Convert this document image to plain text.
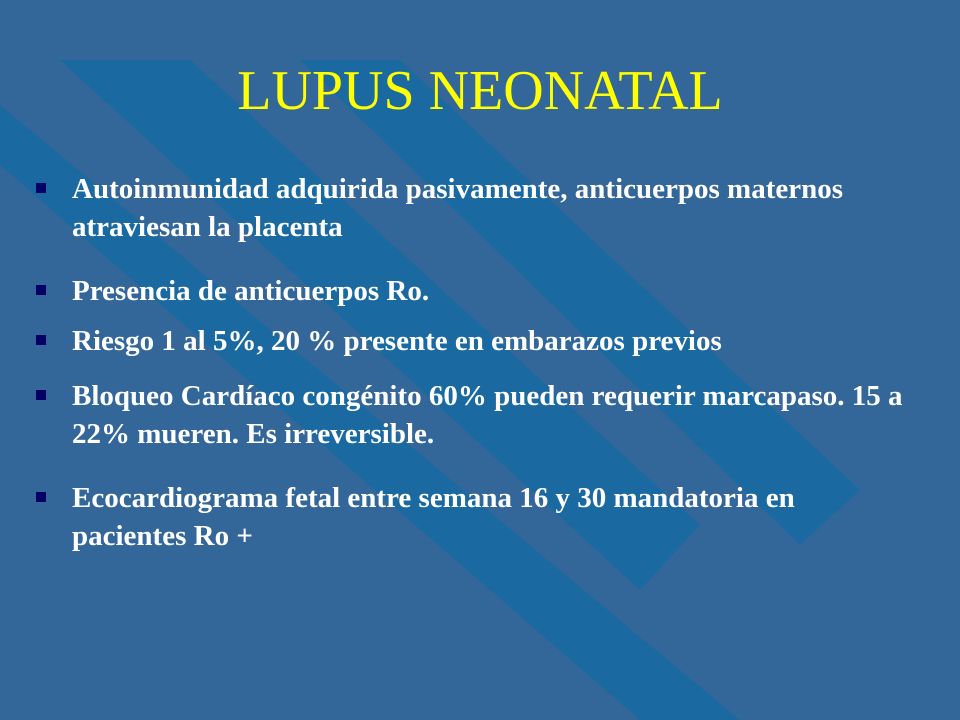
LUPUS NEONATAL
Autoinmunidad adquirida pasivamente, anticuerpos maternos atraviesan la placenta
Presencia de anticuerpos Ro.
Riesgo 1 al 5%, 20 % presente en embarazos previos
Bloqueo Cardíaco congénito 60% pueden requerir marcapaso. 15 a 22% mueren. Es irreversible.
Ecocardiograma fetal entre semana 16 y 30 mandatoria en pacientes Ro +
